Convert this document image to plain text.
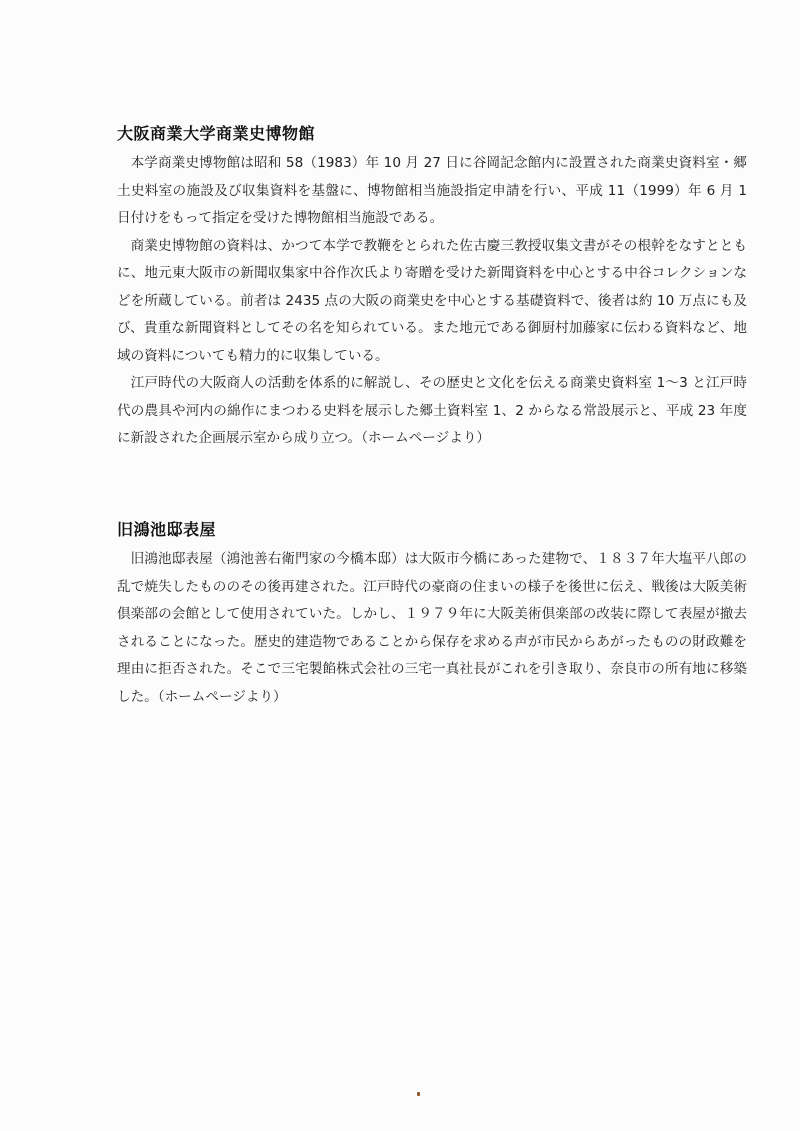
大阪商業大学商業史博物館

本学商業史博物館は昭和 58（1983）年 10 月 27 日に谷岡記念館内に設置された商業史資料室・郷土史料室の施設及び収集資料を基盤に、博物館相当施設指定申請を行い、平成 11（1999）年 6 月 1 日付けをもって指定を受けた博物館相当施設である。

商業史博物館の資料は、かつて本学で教鞭をとられた佐古慶三教授収集文書がその根幹をなすとともに、地元東大阪市の新聞収集家中谷作次氏より寄贈を受けた新聞資料を中心とする中谷コレクションなどを所蔵している。前者は 2435 点の大阪の商業史を中心とする基礎資料で、後者は約 10 万点にも及び、貴重な新聞資料としてその名を知られている。また地元である御厨村加藤家に伝わる資料など、地域の資料についても精力的に収集している。

江戸時代の大阪商人の活動を体系的に解説し、その歴史と文化を伝える商業史資料室 1〜3 と江戸時代の農具や河内の綿作にまつわる史料を展示した郷土資料室 1、2 からなる常設展示と、平成 23 年度に新設された企画展示室から成り立つ。（ホームページより）

旧鴻池邸表屋

旧鴻池邸表屋（鴻池善右衛門家の今橋本邸）は大阪市今橋にあった建物で、１８３７年大塩平八郎の乱で焼失したもののその後再建された。江戸時代の豪商の住まいの様子を後世に伝え、戦後は大阪美術倶楽部の会館として使用されていた。しかし、１９７９年に大阪美術倶楽部の改装に際して表屋が撤去されることになった。歴史的建造物であることから保存を求める声が市民からあがったものの財政難を理由に拒否された。そこで三宅製餡株式会社の三宅一真社長がこれを引き取り、奈良市の所有地に移築した。（ホームページより）
